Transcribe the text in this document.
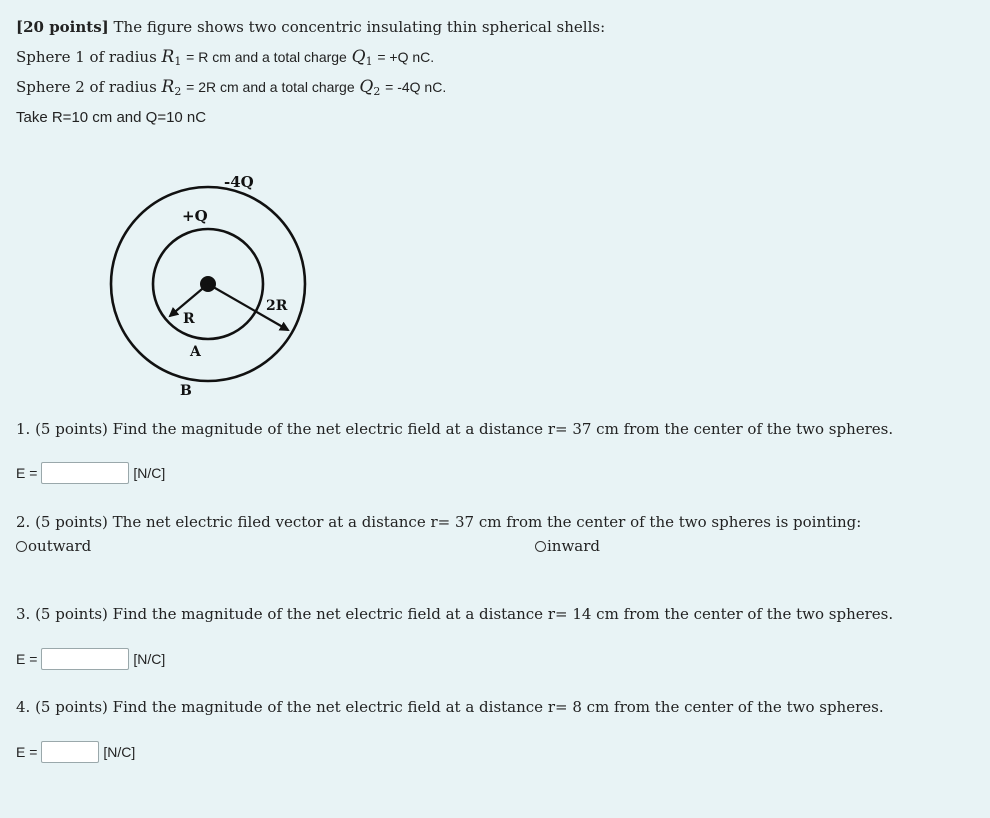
[20 points] The figure shows two concentric insulating thin spherical shells:
Sphere 1 of radius $R_1 = R$ cm and a total charge $Q_1 = +Q$ nC.
Sphere 2 of radius $R_2 = 2R$ cm and a total charge $Q_2 = -4Q$ nC.
Take R=10 cm and Q=10 nC
-4Q
+Q
2R
R
A
B
1. (5 points) Find the magnitude of the net electric field at a distance r= 37 cm from the center of the two spheres.
E =	[N/C]
2. (5 points) The net electric filed vector at a distance r= 37 cm from the center of the two spheres is pointing:
outward	inward
3. (5 points) Find the magnitude of the net electric field at a distance r= 14 cm from the center of the two spheres.
E =	[N/C]
4. (5 points) Find the magnitude of the net electric field at a distance r= 8 cm from the center of the two spheres.
E =	[N/C]
